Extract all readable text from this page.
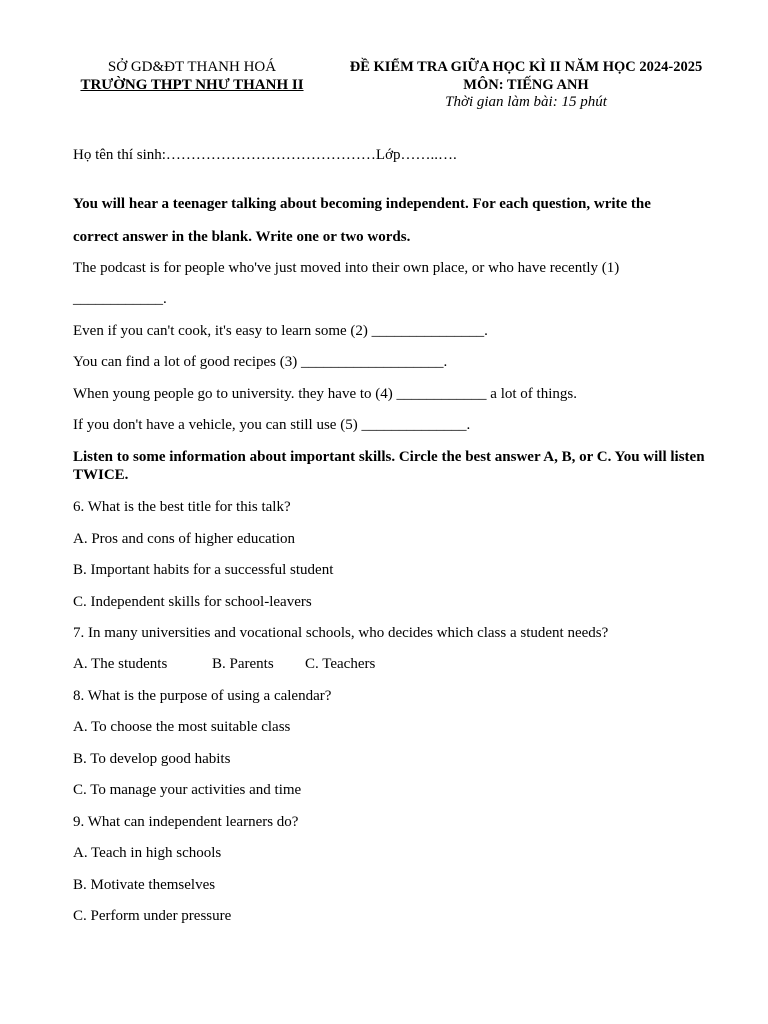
SỞ GD&ĐT THANH HOÁ
TRƯỜNG THPT NHƯ THANH II
ĐỀ KIỂM TRA GIỮA HỌC KÌ II NĂM HỌC 2024-2025
MÔN: TIẾNG ANH
Thời gian làm bài: 15 phút
Họ tên thí sinh:……………………………………Lớp……..….
You will hear a teenager talking about becoming independent. For each question, write the
correct answer in the blank. Write one or two words.
The podcast is for people who've just moved into their own place, or who have recently (1)
____________.
Even if you can't cook, it's easy to learn some (2) _______________.
You can find a lot of good recipes (3) ___________________.
When young people go to university. they have to (4) ____________ a lot of things.
If you don't have a vehicle, you can still use (5) ______________.
Listen to some information about important skills. Circle the best answer A, B, or C. You will listen TWICE.
6. What is the best title for this talk?
A. Pros and cons of higher education
B. Important habits for a successful student
C. Independent skills for school-leavers
7. In many universities and vocational schools, who decides which class a student needs?
A. The students	B. Parents C. Teachers
8. What is the purpose of using a calendar?
A. To choose the most suitable class
B. To develop good habits
C. To manage your activities and time
9. What can independent learners do?
A. Teach in high schools
B. Motivate themselves
C. Perform under pressure
